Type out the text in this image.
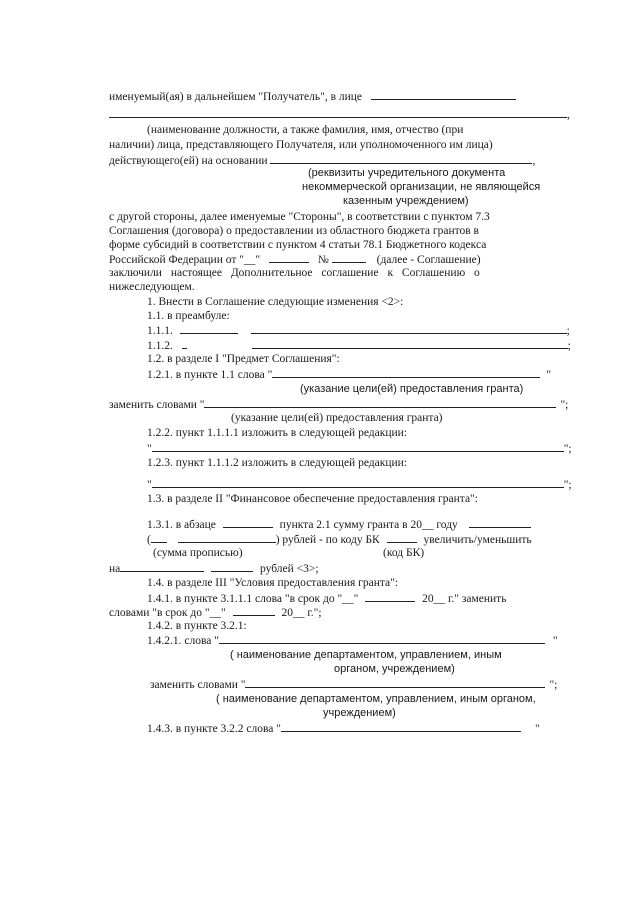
именуемый(ая) в дальнейшем "Получатель", в лице
,
(наименование должности, а также фамилия, имя, отчество (при
наличии) лица, представляющего Получателя, или уполномоченного им лица)
действующего(ей) на основании	,
(реквизиты учредительного документа
некоммерческой организации, не являющейся
казенным учреждением)
с другой стороны, далее именуемые "Стороны", в соответствии с пунктом 7.3
Соглашения (договора) о предоставлении из областного бюджета грантов в
форме субсидий в соответствии с пунктом 4 статьи 78.1 Бюджетного кодекса
Российской Федерации от "__"	№	(далее - Соглашение)
заключили настоящее Дополнительное соглашение к Соглашению о
нижеследующем.
1. Внести в Соглашение следующие изменения <2>:
1.1. в преамбуле:
1.1.1.	;
1.1.2.	;
1.2. в разделе I "Предмет Соглашения":
1.2.1. в пункте 1.1 слова "	"
(указание цели(ей) предоставления гранта)
заменить словами "	";
(указание цели(ей) предоставления гранта)
1.2.2. пункт 1.1.1.1 изложить в следующей редакции:
"	";
1.2.3. пункт 1.1.1.2 изложить в следующей редакции:
"	";
1.3. в разделе II "Финансовое обеспечение предоставления гранта":
1.3.1. в абзаце	пункта 2.1 сумму гранта в 20__ году
(	) рублей - по коду БК	увеличить/уменьшить
(сумма прописью)	(код БК)
на	рублей <3>;
1.4. в разделе III "Условия предоставления гранта":
1.4.1. в пункте 3.1.1.1 слова "в срок до "__"	20__ г." заменить
словами "в срок до "__"	20__ г.";
1.4.2. в пункте 3.2.1:
1.4.2.1. слова "	"
( наименование департаментом, управлением, иным
органом, учреждением)
заменить словами "	";
( наименование департаментом, управлением, иным органом,
учреждением)
1.4.3. в пункте 3.2.2 слова "	"
